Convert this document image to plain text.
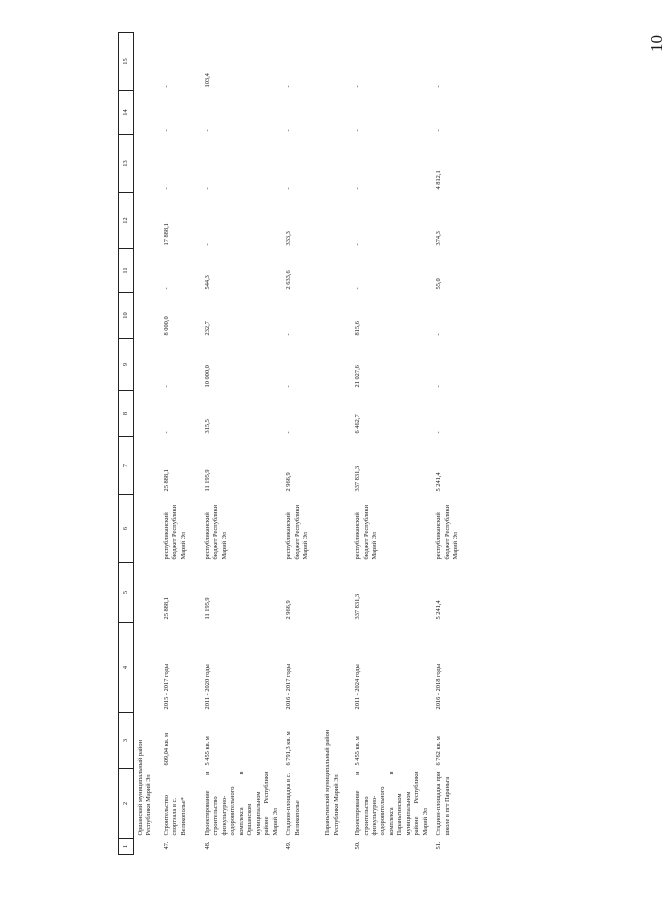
10
1	2	3	4	5	6	7	8	9	10	11	12	13	14	15
	Оршанский муниципальный район Республики Марий Эл													
47.	Строительство спортзала в с. Великополье*	609,04 кв. м	2015 - 2017 годы	25 888,1	республиканский бюджет Республики Марий Эл	25 888,1	-	-	8 000,0	-	17 888,1	-	-	-
48.	Проектирование и строительство физкультурно-оздоровительного комплекса в Оршанском муниципальном районе Республики Марий Эл	5 455 кв. м	2011 - 2020 годы	11 195,9	республиканский бюджет Республики Марий Эл	11 195,9	315,5	10 000,0	232,7	544,3	-	-	-	103,4
49.	Стадион-площадка в с. Великополье	6 791,3 кв. м	2016 - 2017 годы	2 966,9	республиканский бюджет Республики Марий Эл	2 966,9	-	-	-	2 633,6	333,3	-	-	-
	Параньгинский муниципальный район Республики Марий Эл													
50.	Проектирование и строительство физкультурно-оздоровительного комплекса в Параньгинском муниципальном районе Республики Марий Эл	5 455 кв. м	2011 - 2024 годы	337 831,3	республиканский бюджет Республики Марий Эл	337 831,3	6 462,7	21 027,6	815,6	-	-	-	-	-
51.	Стадион-площадка при школе в пгт Параньга	6 762 кв. м	2016 - 2018 годы	5 241,4	республиканский бюджет Республики Марий Эл	5 241,4	-	-	-	55,0	374,3	4 812,1	-	-
